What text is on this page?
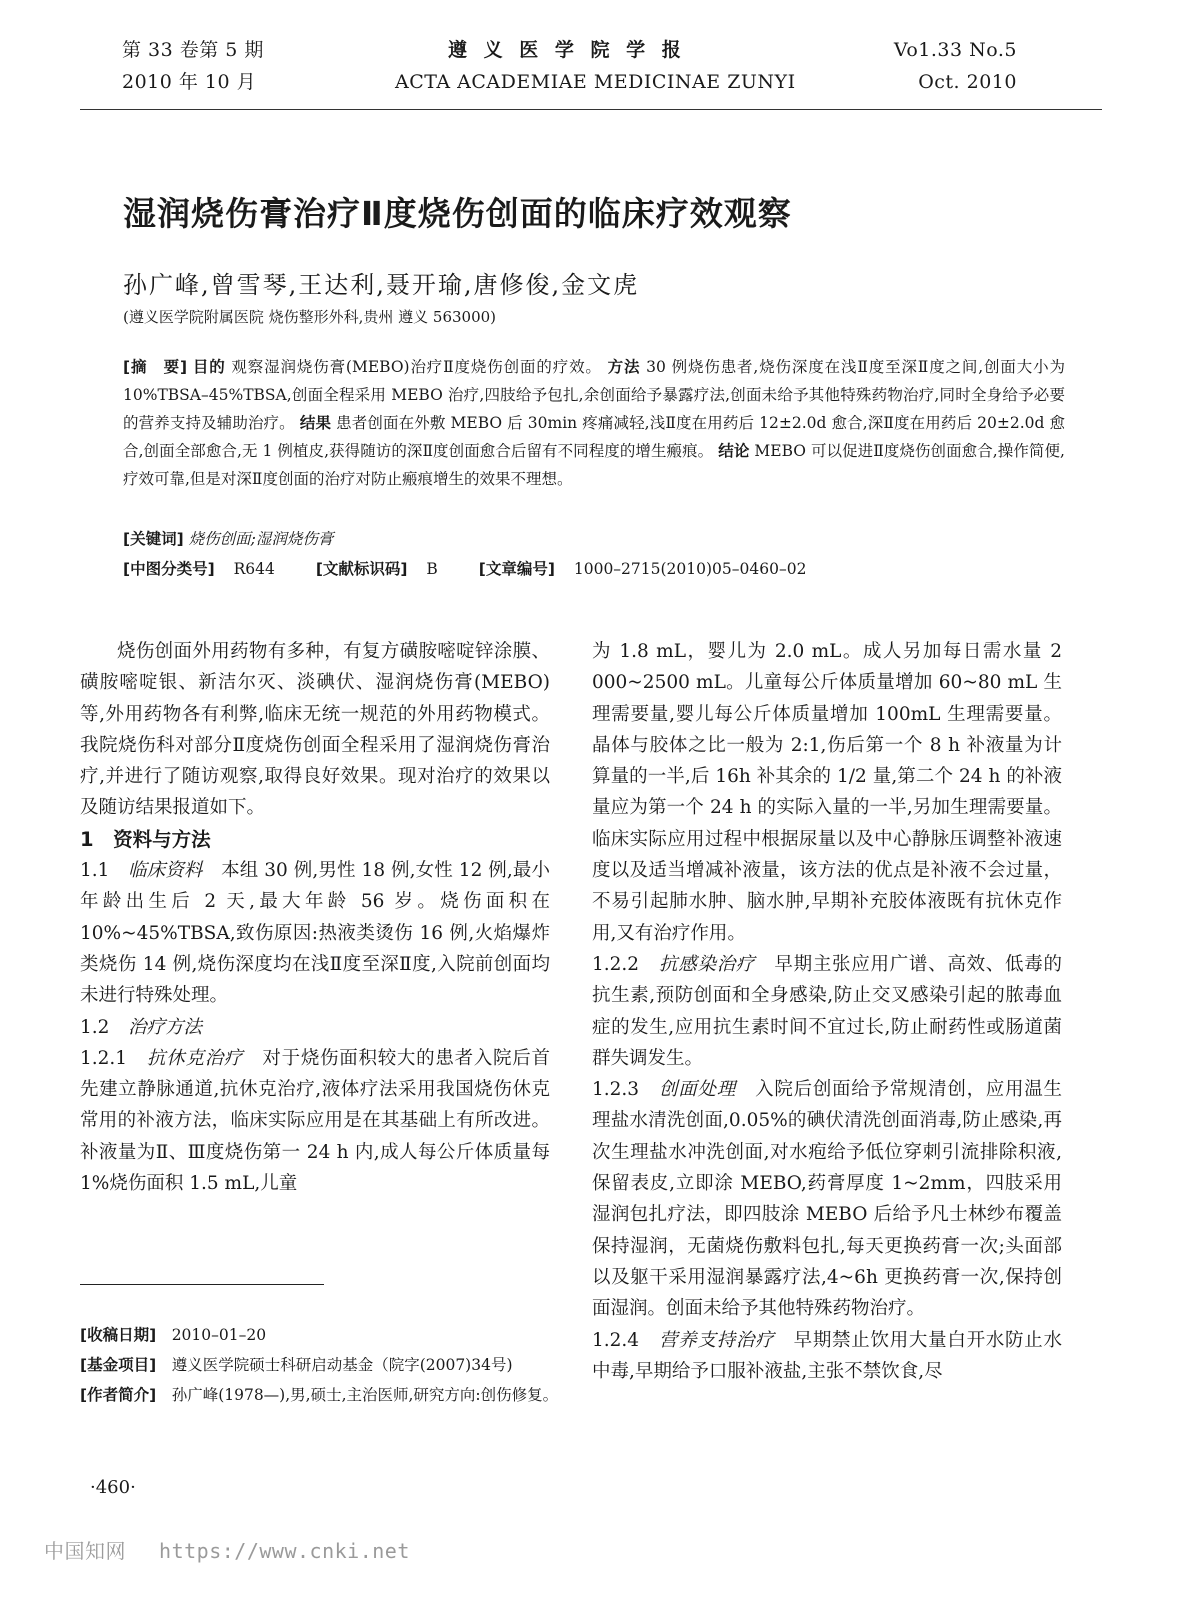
第 33 卷第 5 期
2010 年 10 月
遵 义 医 学 院 学 报
ACTA ACADEMIAE MEDICINAE ZUNYI
Vo1.33 No.5
Oct. 2010
湿润烧伤膏治疗Ⅱ度烧伤创面的临床疗效观察
孙广峰,曾雪琴,王达利,聂开瑜,唐修俊,金文虎
(遵义医学院附属医院 烧伤整形外科,贵州 遵义 563000)
[摘　要] 目的 观察湿润烧伤膏(MEBO)治疗Ⅱ度烧伤创面的疗效。 方法 30 例烧伤患者,烧伤深度在浅Ⅱ度至深Ⅱ度之间,创面大小为 10%TBSA–45%TBSA,创面全程采用 MEBO 治疗,四肢给予包扎,余创面给予暴露疗法,创面未给予其他特殊药物治疗,同时全身给予必要的营养支持及辅助治疗。 结果 患者创面在外敷 MEBO 后 30min 疼痛减轻,浅Ⅱ度在用药后 12±2.0d 愈合,深Ⅱ度在用药后 20±2.0d 愈合,创面全部愈合,无 1 例植皮,获得随访的深Ⅱ度创面愈合后留有不同程度的增生瘢痕。 结论 MEBO 可以促进Ⅱ度烧伤创面愈合,操作简便,疗效可靠,但是对深Ⅱ度创面的治疗对防止瘢痕增生的效果不理想。
[关键词] 烧伤创面;湿润烧伤膏
[中图分类号] R644	[文献标识码] B	[文章编号] 1000–2715(2010)05–0460–02

烧伤创面外用药物有多种，有复方磺胺嘧啶锌涂膜、磺胺嘧啶银、新洁尔灭、淡碘伏、湿润烧伤膏(MEBO)等,外用药物各有利弊,临床无统一规范的外用药物模式。我院烧伤科对部分Ⅱ度烧伤创面全程采用了湿润烧伤膏治疗,并进行了随访观察,取得良好效果。现对治疗的效果以及随访结果报道如下。

1　资料与方法

1.1　 临床资料　 本组 30 例,男性 18 例,女性 12 例,最小年龄出生后 2 天,最大年龄 56 岁。烧伤面积在 10%~45%TBSA,致伤原因:热液类烫伤 16 例,火焰爆炸类烧伤 14 例,烧伤深度均在浅Ⅱ度至深Ⅱ度,入院前创面均未进行特殊处理。

1.2　 治疗方法

1.2.1　 抗休克治疗　 对于烧伤面积较大的患者入院后首先建立静脉通道,抗休克治疗,液体疗法采用我国烧伤休克常用的补液方法，临床实际应用是在其基础上有所改进。补液量为Ⅱ、Ⅲ度烧伤第一 24 h 内,成人每公斤体质量每 1%烧伤面积 1.5 mL,儿童

[收稿日期]　 2010–01–20

[基金项目]　 遵义医学院硕士科研启动基金（院字(2007)34号)

[作者简介]　 孙广峰(1978—),男,硕士,主治医师,研究方向:创伤修复。

为 1.8 mL，婴儿为 2.0 mL。成人另加每日需水量 2 000~2500 mL。儿童每公斤体质量增加 60~80 mL 生理需要量,婴儿每公斤体质量增加 100mL 生理需要量。晶体与胶体之比一般为 2:1,伤后第一个 8 h 补液量为计算量的一半,后 16h 补其余的 1/2 量,第二个 24 h 的补液量应为第一个 24 h 的实际入量的一半,另加生理需要量。临床实际应用过程中根据尿量以及中心静脉压调整补液速度以及适当增减补液量，该方法的优点是补液不会过量，不易引起肺水肿、脑水肿,早期补充胶体液既有抗休克作用,又有治疗作用。

1.2.2　 抗感染治疗　 早期主张应用广谱、高效、低毒的抗生素,预防创面和全身感染,防止交叉感染引起的脓毒血症的发生,应用抗生素时间不宜过长,防止耐药性或肠道菌群失调发生。

1.2.3　 创面处理　 入院后创面给予常规清创，应用温生理盐水清洗创面,0.05%的碘伏清洗创面消毒,防止感染,再次生理盐水冲洗创面,对水疱给予低位穿刺引流排除积液,保留表皮,立即涂 MEBO,药膏厚度 1~2mm，四肢采用湿润包扎疗法，即四肢涂 MEBO 后给予凡士林纱布覆盖保持湿润，无菌烧伤敷料包扎,每天更换药膏一次;头面部以及躯干采用湿润暴露疗法,4~6h 更换药膏一次,保持创面湿润。创面未给予其他特殊药物治疗。

1.2.4　 营养支持治疗　 早期禁止饮用大量白开水防止水中毒,早期给予口服补液盐,主张不禁饮食,尽

·460·
中国知网　 https://www.cnki.net
